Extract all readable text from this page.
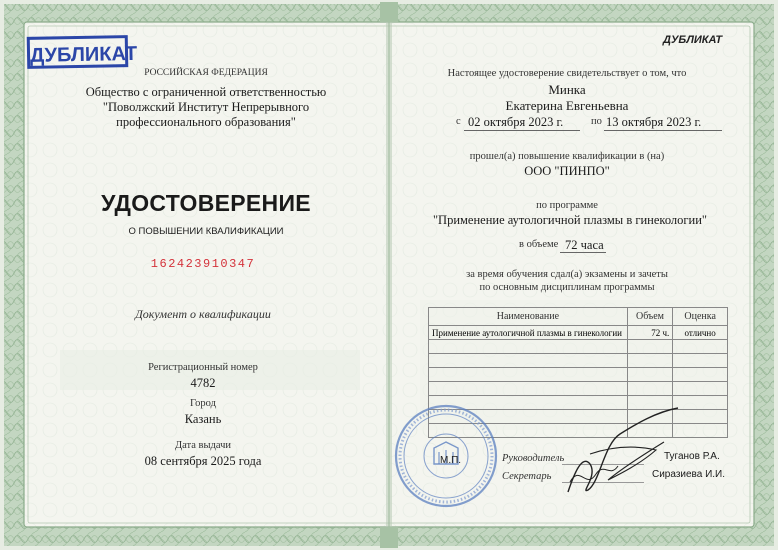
ДУБЛИКАТ
ДУБЛИКАТ
РОССИЙСКАЯ ФЕДЕРАЦИЯ
Общество с ограниченной ответственностью
"Поволжский Институт Непрерывного
профессионального образования"
УДОСТОВЕРЕНИЕ
О ПОВЫШЕНИИ КВАЛИФИКАЦИИ
162423910347
Документ о квалификации
Регистрационный номер
4782
Город
Казань
Дата выдачи
08 сентября 2025 года
Настоящее удостоверение свидетельствует о том, что
Минка
Екатерина Евгеньевна
с 02 октября 2023 г.	по 13 октября 2023 г.
прошел(а) повышение квалификации в (на)
ООО "ПИНПО"
по программе
"Применение аутологичной плазмы в гинекологии"
в объеме 72 часа
за время обучения сдал(а) экзамены и зачеты
по основным дисциплинам программы
Наименование	Объем	Оценка
Применение аутологичной плазмы в гинекологии	72 ч.	отлично

М.П.	Руководитель	Туганов Р.А.
Секретарь	Сиразиева И.И.
